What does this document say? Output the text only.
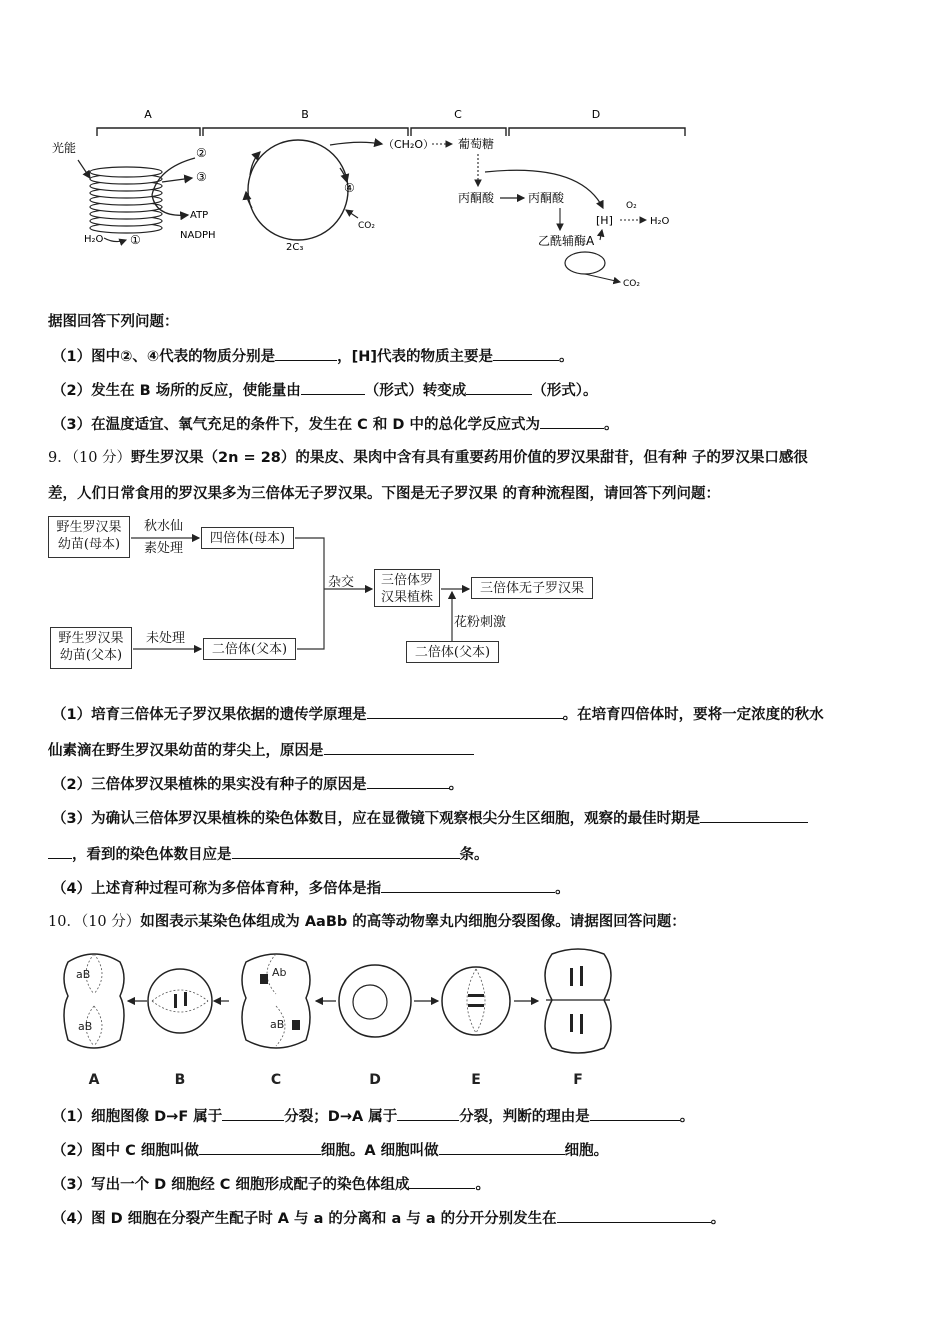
A	B	C	D
光能
H₂O ①
②
③
ATP
NADPH
④
CO₂
2C₃
（CH₂O） 葡萄糖
丙酮酸	丙酮酸
[H]
O₂
H₂O
乙酰辅酶A
CO₂
据图回答下列问题：
（1）图中②、④代表的物质分别是	，[H]代表的物质主要是	。
（2）发生在 B 场所的反应，使能量由	（形式）转变成	（形式）。
（3）在温度适宜、氧气充足的条件下，发生在 C 和 D 中的总化学反应式为	。
9．（10 分）野生罗汉果（2n = 28）的果皮、果肉中含有具有重要药用价值的罗汉果甜苷，但有种 子的罗汉果口感很
差，人们日常食用的罗汉果多为三倍体无子罗汉果。下图是无子罗汉果 的育种流程图，请回答下列问题：
野生罗汉果幼苗(母本)
秋水仙
素处理
四倍体(母本)
野生罗汉果幼苗(父本)
未处理
二倍体(父本)
杂交	三倍体罗汉果植株
三倍体无子罗汉果
花粉刺激
二倍体(父本)
（1）培育三倍体无子罗汉果依据的遗传学原理是	。在培育四倍体时，要将一定浓度的秋水
仙素滴在野生罗汉果幼苗的芽尖上，原因是
（2）三倍体罗汉果植株的果实没有种子的原因是	。
（3）为确认三倍体罗汉果植株的染色体数目，应在显微镜下观察根尖分生区细胞，观察的最佳时期是
，看到的染色体数目应是	条。
（4）上述育种过程可称为多倍体育种，多倍体是指	。
10．（10 分）如图表示某染色体组成为 AaBb 的高等动物睾丸内细胞分裂图像。请据图回答问题：
aB
aB
Ab
aB
A	B	C	D	E	F
（1）细胞图像 D→F 属于	分裂；D→A 属于	分裂，判断的理由是	。
（2）图中 C 细胞叫做	细胞。A 细胞叫做	细胞。
（3）写出一个 D 细胞经 C 细胞形成配子的染色体组成	。
（4）图 D 细胞在分裂产生配子时 A 与 a 的分离和 a 与 a 的分开分别发生在	。
